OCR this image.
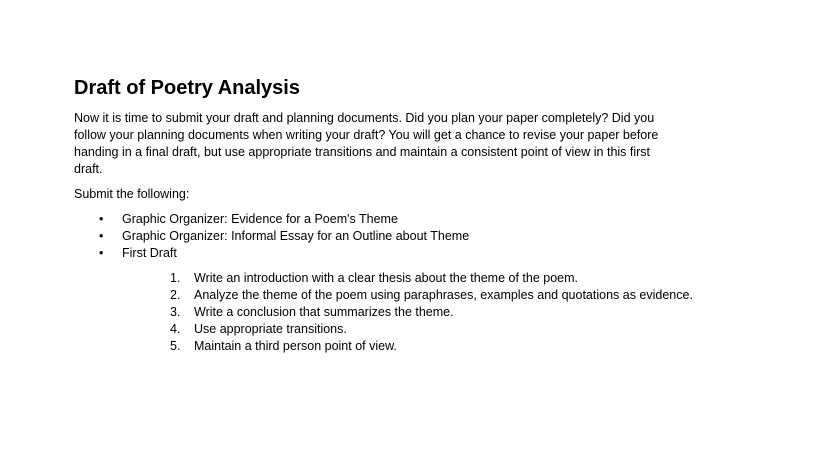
Draft of Poetry Analysis

Now it is time to submit your draft and planning documents. Did you plan your paper completely? Did you follow your planning documents when writing your draft? You will get a chance to revise your paper before handing in a final draft, but use appropriate transitions and maintain a consistent point of view in this first draft.

Submit the following:

• Graphic Organizer: Evidence for a Poem's Theme
• Graphic Organizer: Informal Essay for an Outline about Theme
• First Draft
1. Write an introduction with a clear thesis about the theme of the poem.
2. Analyze the theme of the poem using paraphrases, examples and quotations as evidence.
3. Write a conclusion that summarizes the theme.
4. Use appropriate transitions.
5. Maintain a third person point of view.
